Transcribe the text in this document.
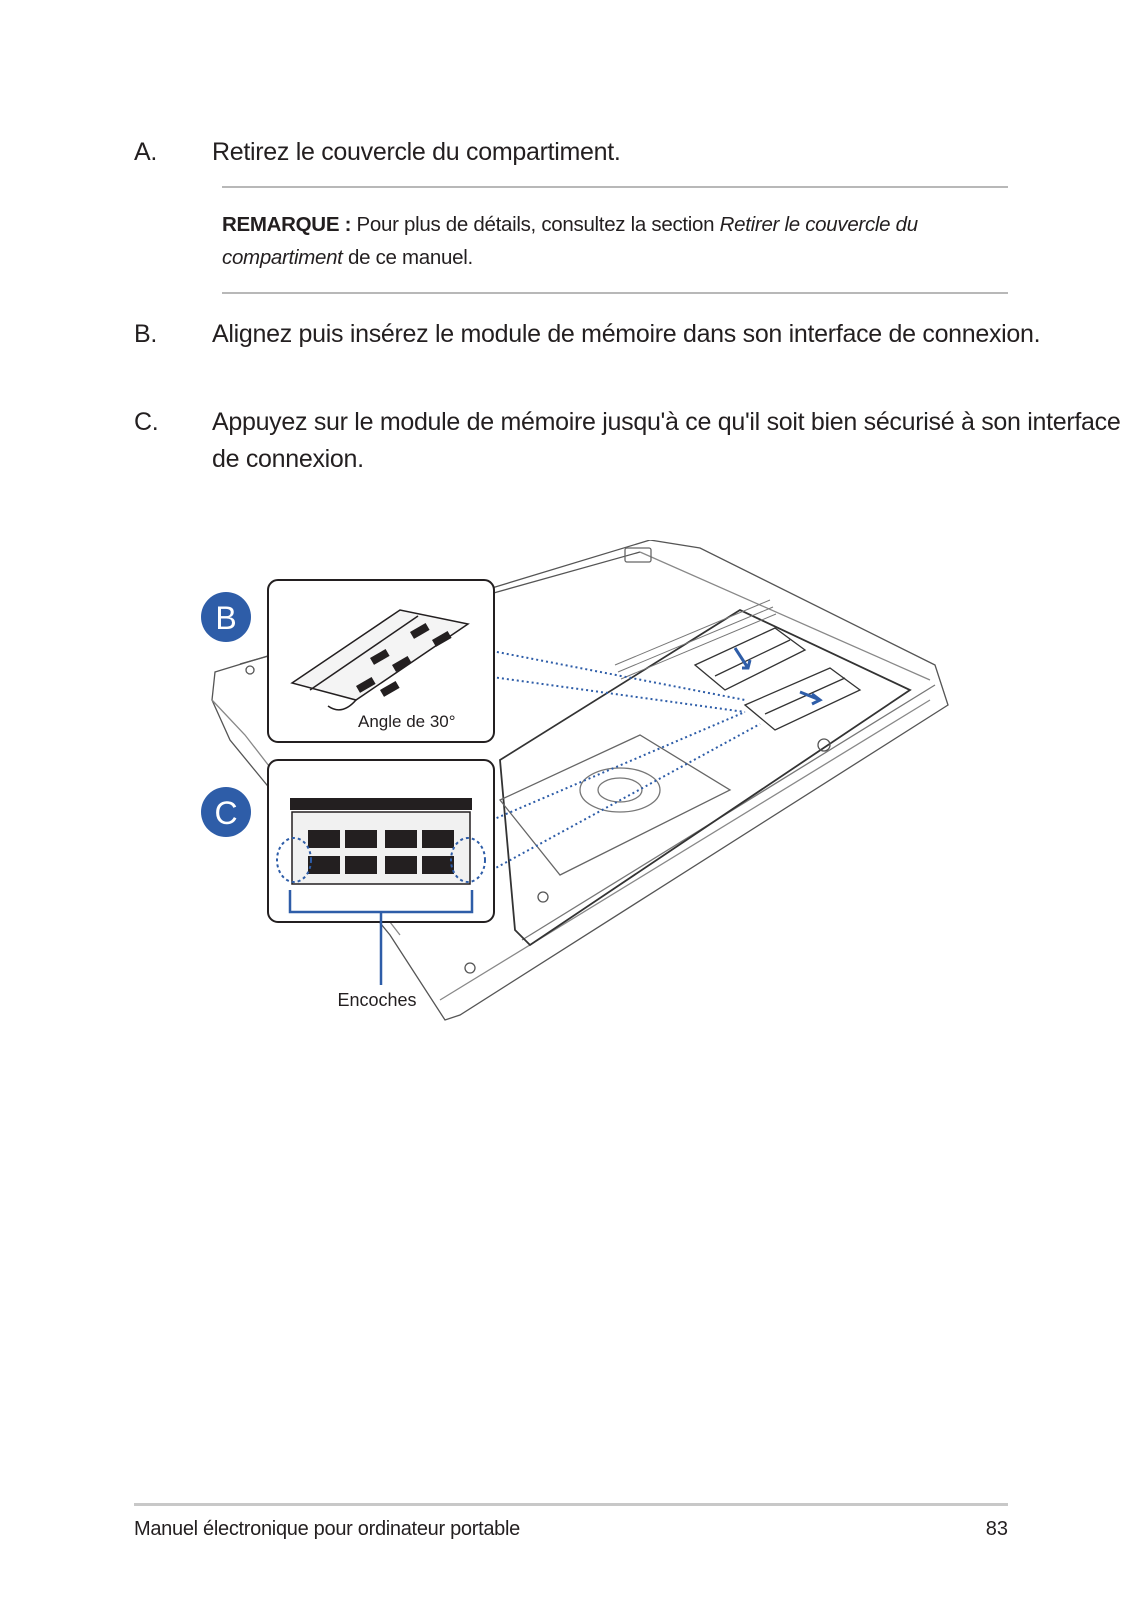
A. Retirez le couvercle du compartiment.
REMARQUE : Pour plus de détails, consultez la section Retirer le couvercle du compartiment de ce manuel.
B. Alignez puis insérez le module de mémoire dans son interface de connexion.
C. Appuyez sur le module de mémoire jusqu'à ce qu'il soit bien sécurisé à son interface de connexion.
Angle de 30°
B
C
Encoches
Manuel électronique pour ordinateur portable	83
